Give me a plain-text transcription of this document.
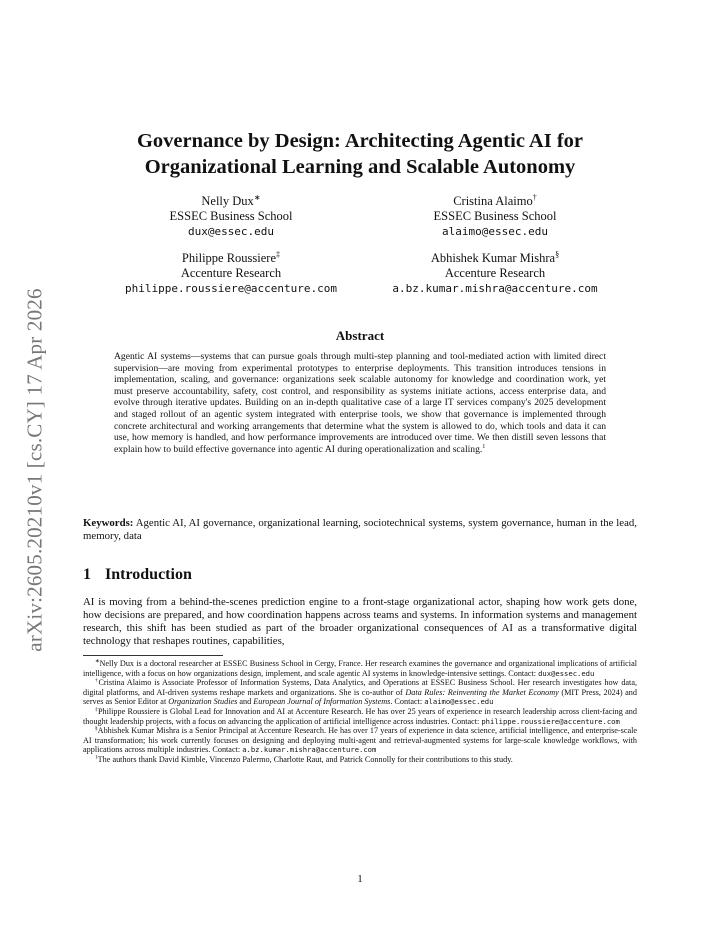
arXiv:2605.20210v1 [cs.CY] 17 Apr 2026
Governance by Design: Architecting Agentic AI for
Organizational Learning and Scalable Autonomy
Nelly Dux∗
ESSEC Business School
dux@essec.edu
Cristina Alaimo†
ESSEC Business School
alaimo@essec.edu
Philippe Roussiere‡
Accenture Research
philippe.roussiere@accenture.com
Abhishek Kumar Mishra§
Accenture Research
a.bz.kumar.mishra@accenture.com
Abstract
Agentic AI systems—systems that can pursue goals through multi-step planning and tool-mediated action with limited direct supervision—are moving from experimental prototypes to enterprise deployments. This transition introduces tensions in implementation, scaling, and governance: organizations seek scalable autonomy for knowledge and coordination work, yet must preserve accountability, safety, cost control, and responsibility as systems initiate actions, access enterprise data, and evolve through iterative updates. Building on an in-depth qualitative case of a large IT services company's 2025 development and staged rollout of an agentic system integrated with enterprise tools, we show that governance is implemented through concrete architectural and working arrangements that determine what the system is allowed to do, which tools and data it can use, how memory is handled, and how performance improvements are introduced over time. We then distill seven lessons that explain how to build effective governance into agentic AI during operationalization and scaling.$^1$
Keywords: Agentic AI, AI governance, organizational learning, sociotechnical systems, system governance, human in the lead, memory, data
1 Introduction
AI is moving from a behind-the-scenes prediction engine to a front-stage organizational actor, shaping how work gets done, how decisions are prepared, and how coordination happens across teams and systems. In information systems and management research, this shift has been studied as part of the broader organizational consequences of AI as a transformative digital technology that reshapes routines, capabilities,

∗Nelly Dux is a doctoral researcher at ESSEC Business School in Cergy, France. Her research examines the governance and organizational implications of artificial intelligence, with a focus on how organizations design, implement, and scale agentic AI systems in knowledge-intensive settings. Contact: dux@essec.edu

†Cristina Alaimo is Associate Professor of Information Systems, Data Analytics, and Operations at ESSEC Business School. Her research investigates how data, digital platforms, and AI-driven systems reshape markets and organizations. She is co-author of Data Rules: Reinventing the Market Economy (MIT Press, 2024) and serves as Senior Editor at Organization Studies and European Journal of Information Systems. Contact: alaimo@essec.edu

‡Philippe Roussiere is Global Lead for Innovation and AI at Accenture Research. He has over 25 years of experience in research leadership across client-facing and thought leadership projects, with a focus on advancing the application of artificial intelligence across industries. Contact: philippe.roussiere@accenture.com

§Abhishek Kumar Mishra is a Senior Principal at Accenture Research. He has over 17 years of experience in data science, artificial intelligence, and enterprise-scale AI transformation; his work currently focuses on designing and deploying multi-agent and retrieval-augmented systems for large-scale knowledge workflows, with applications across multiple industries. Contact: a.bz.kumar.mishra@accenture.com

$^1$The authors thank David Kimble, Vincenzo Palermo, Charlotte Raut, and Patrick Connolly for their contributions to this study.

1
